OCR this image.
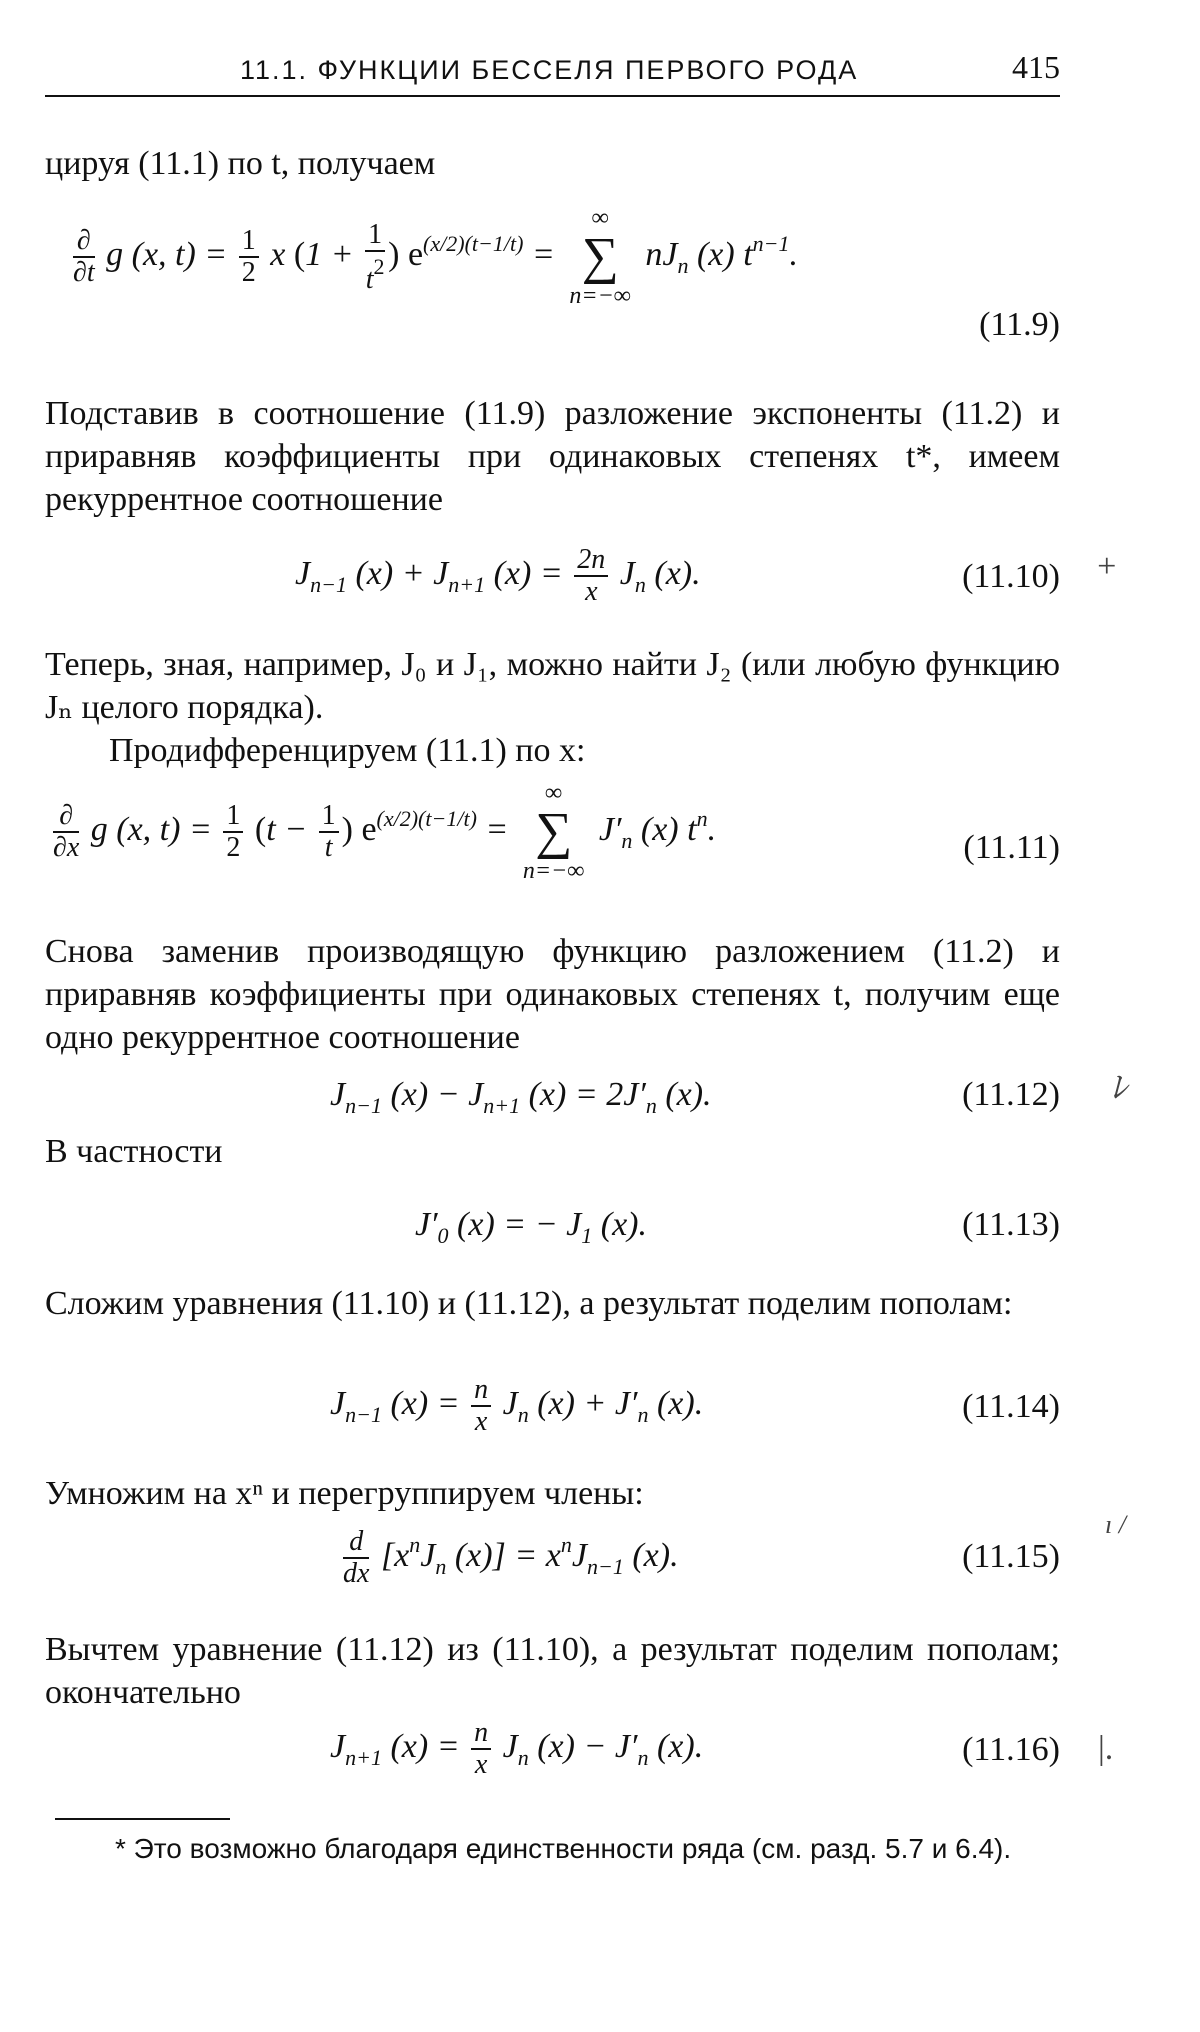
11.1. ФУНКЦИИ БЕССЕЛЯ ПЕРВОГО РОДА	415

цируя (11.1) по t, получаем

$\frac{\partial}{\partial t}$ g (x, $t) = \frac{1}{2}$ x ($1 + \frac{1}{t^2}$ ) $e^{(x/2)(t-1/t)}$ =
∞
∑
n=−∞
$nJ_n$ (x) $t^{n-1}$.
(11.9)

Подставив в соотношение (11.9) разложение экспоненты (11.2) и приравняв коэффициенты при одинаковых степенях t*, имеем рекуррентное соотношение

$J_{n-1}$ $(x) + J_{n+1}$ $(x) = \frac{2n}{x} J_n$ (x).	(11.10) +

Теперь, зная, например, J₀ и J₁, можно найти J₂ (или любую функцию Jₙ целого порядка).

Продифференцируем (11.1) по x:

$\frac{\partial}{\partial x}$ g (x, $t) = \frac{1}{2} (t - \frac{1}{t}$ ) $e^{(x/2)(t-1/t)}$ =
∞
∑
n=−∞
$J'_n$ (x) $t^n$.	(11.11)

Снова заменив производящую функцию разложением (11.2) и приравняв коэффициенты при одинаковых степенях t, получим еще одно рекуррентное соотношение

$J_{n-1}$ $(x) - J_{n+1}$ $(x) = 2J'_n$ (x).	(11.12) ﾚ

В частности

$J'_0$ (x) = − $J_1$ (x).	(11.13)

Сложим уравнения (11.10) и (11.12), а результат поделим пополам:

$J_{n-1}$ $(x) = \frac{n}{x} J_n$ $(x) + J'_n$ (x).	(11.14)

Умножим на xⁿ и перегруппируем члены:

$\frac{d}{dx} [x^nJ_n$ $(x)] = x^nJ_{n-1}$ (x).	(11.15)
ı /

Вычтем уравнение (11.12) из (11.10), а результат поделим пополам; окончательно

$J_{n+1}$ $(x) = \frac{n}{x} J_n$ $(x) - J'_n$ (x).	(11.16) |.

* Это возможно благодаря единственности ряда (см. разд. 5.7 и 6.4).
